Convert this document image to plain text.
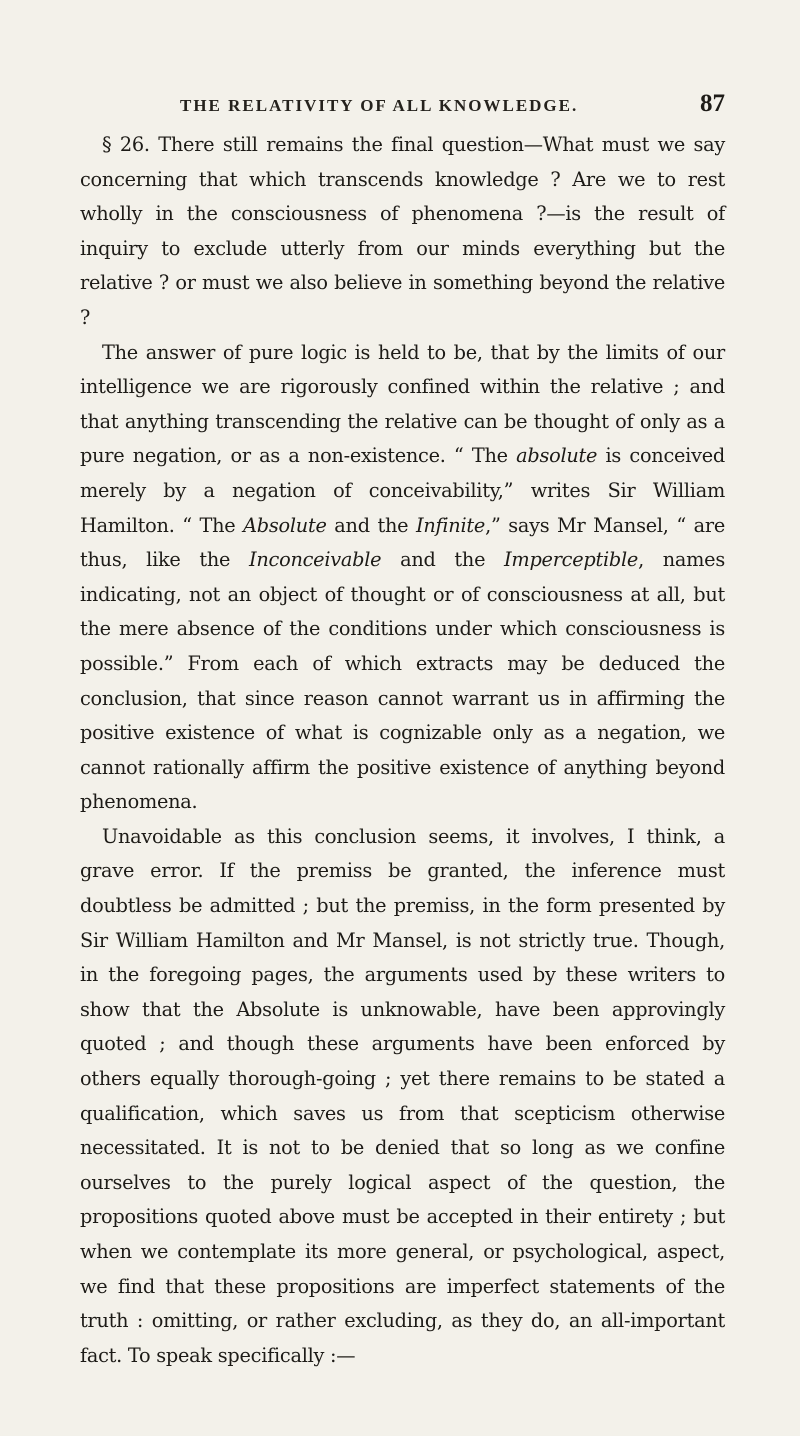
THE RELATIVITY OF ALL KNOWLEDGE.	87

§ 26. There still remains the final question—What must we say concerning that which transcends knowledge ? Are we to rest wholly in the consciousness of phenomena ?—is the result of inquiry to exclude utterly from our minds everything but the relative ? or must we also believe in something beyond the relative ?

The answer of pure logic is held to be, that by the limits of our intelligence we are rigorously confined within the relative ; and that anything transcending the relative can be thought of only as a pure negation, or as a non-existence. “ The absolute is conceived merely by a negation of conceivability,” writes Sir William Hamilton. “ The Absolute and the Infinite,” says Mr Mansel, “ are thus, like the Inconceivable and the Imperceptible, names indicating, not an object of thought or of consciousness at all, but the mere absence of the conditions under which consciousness is possible.” From each of which extracts may be deduced the conclusion, that since reason cannot warrant us in affirming the positive existence of what is cognizable only as a negation, we cannot rationally affirm the positive existence of anything beyond phenomena.

Unavoidable as this conclusion seems, it involves, I think, a grave error. If the premiss be granted, the inference must doubtless be admitted ; but the premiss, in the form presented by Sir William Hamilton and Mr Mansel, is not strictly true. Though, in the foregoing pages, the arguments used by these writers to show that the Absolute is unknowable, have been approvingly quoted ; and though these arguments have been enforced by others equally thorough-going ; yet there remains to be stated a qualification, which saves us from that scepticism otherwise necessitated. It is not to be denied that so long as we confine ourselves to the purely logical aspect of the question, the propositions quoted above must be accepted in their entirety ; but when we contemplate its more general, or psychological, aspect, we find that these propositions are imperfect statements of the truth : omitting, or rather excluding, as they do, an all-important fact. To speak specifically :—
